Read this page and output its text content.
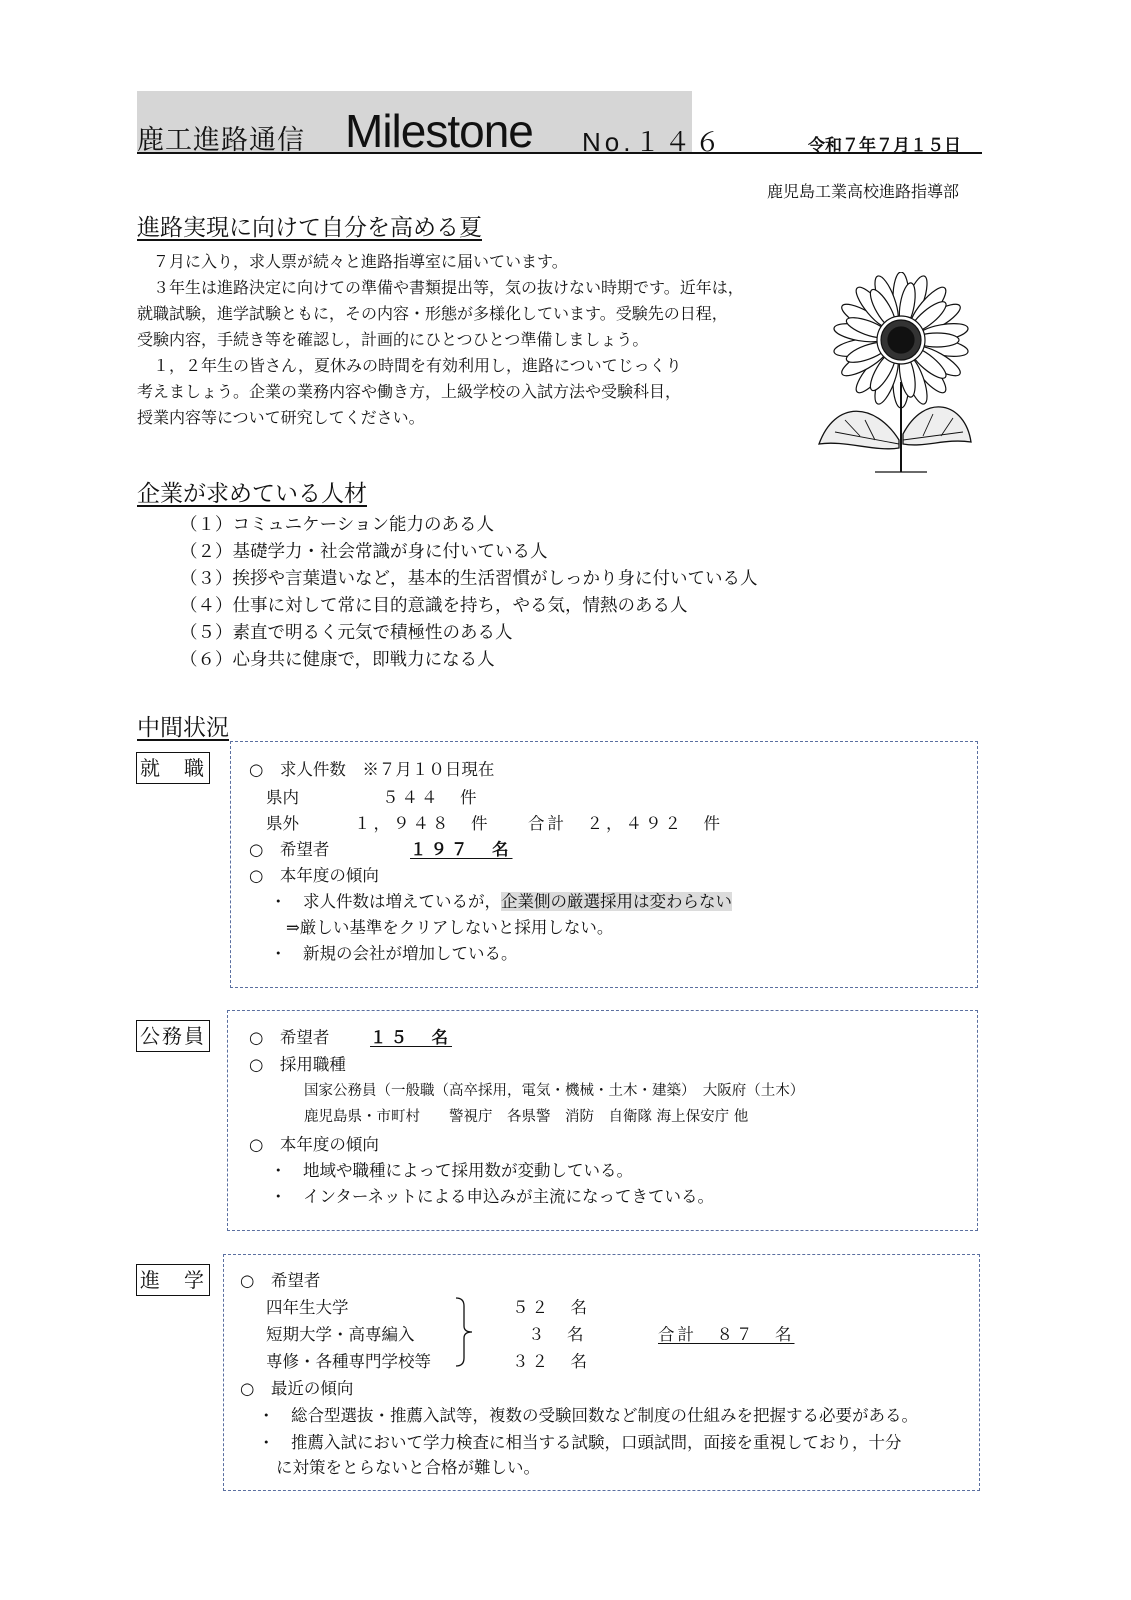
鹿工進路通信 Milestone No.１４６	令和７年７月１５日
鹿児島工業高校進路指導部
進路実現に向けて自分を高める夏
　７月に入り，求人票が続々と進路指導室に届いています。
　３年生は進路決定に向けての準備や書類提出等，気の抜けない時期です。近年は，
就職試験，進学試験ともに，その内容・形態が多様化しています。受験先の日程，
受験内容，手続き等を確認し，計画的にひとつひとつ準備しましょう。
　１，２年生の皆さん，夏休みの時間を有効利用し，進路についてじっくり
考えましょう。企業の業務内容や働き方，上級学校の入試方法や受験科目，
授業内容等について研究してください。
企業が求めている人材
（１）コミュニケーション能力のある人
（２）基礎学力・社会常識が身に付いている人
（３）挨拶や言葉遣いなど，基本的生活習慣がしっかり身に付いている人
（４）仕事に対して常に目的意識を持ち，やる気，情熱のある人
（５）素直で明るく元気で積極性のある人
（６）心身共に健康で，即戦力になる人
中間状況
就　職	○　求人件数　※７月１０日現在
県内	５４４　件
県外	１，９４８　件 合計　２，４９２　件
○　希望者	１９７　名
○　本年度の傾向
・　求人件数は増えているが，企業側の厳選採用は変わらない
⇒厳しい基準をクリアしないと採用しない。
・　新規の会社が増加している。
公務員	○　希望者 １５　名
○　採用職種
国家公務員（一般職（高卒採用，電気・機械・土木・建築）　大阪府（土木）
鹿児島県・市町村　　警視庁　各県警　消防　自衛隊 海上保安庁 他
○　本年度の傾向
・　地域や職種によって採用数が変動している。
・　インターネットによる申込みが主流になってきている。
進　学 ○　希望者
四年生大学	５２　名
短期大学・高専編入	３　名
専修・各種専門学校等	３２　名
合計　８７　名
○　最近の傾向
・　総合型選抜・推薦入試等，複数の受験回数など制度の仕組みを把握する必要がある。
・　推薦入試において学力検査に相当する試験，口頭試問，面接を重視しており，十分
に対策をとらないと合格が難しい。
